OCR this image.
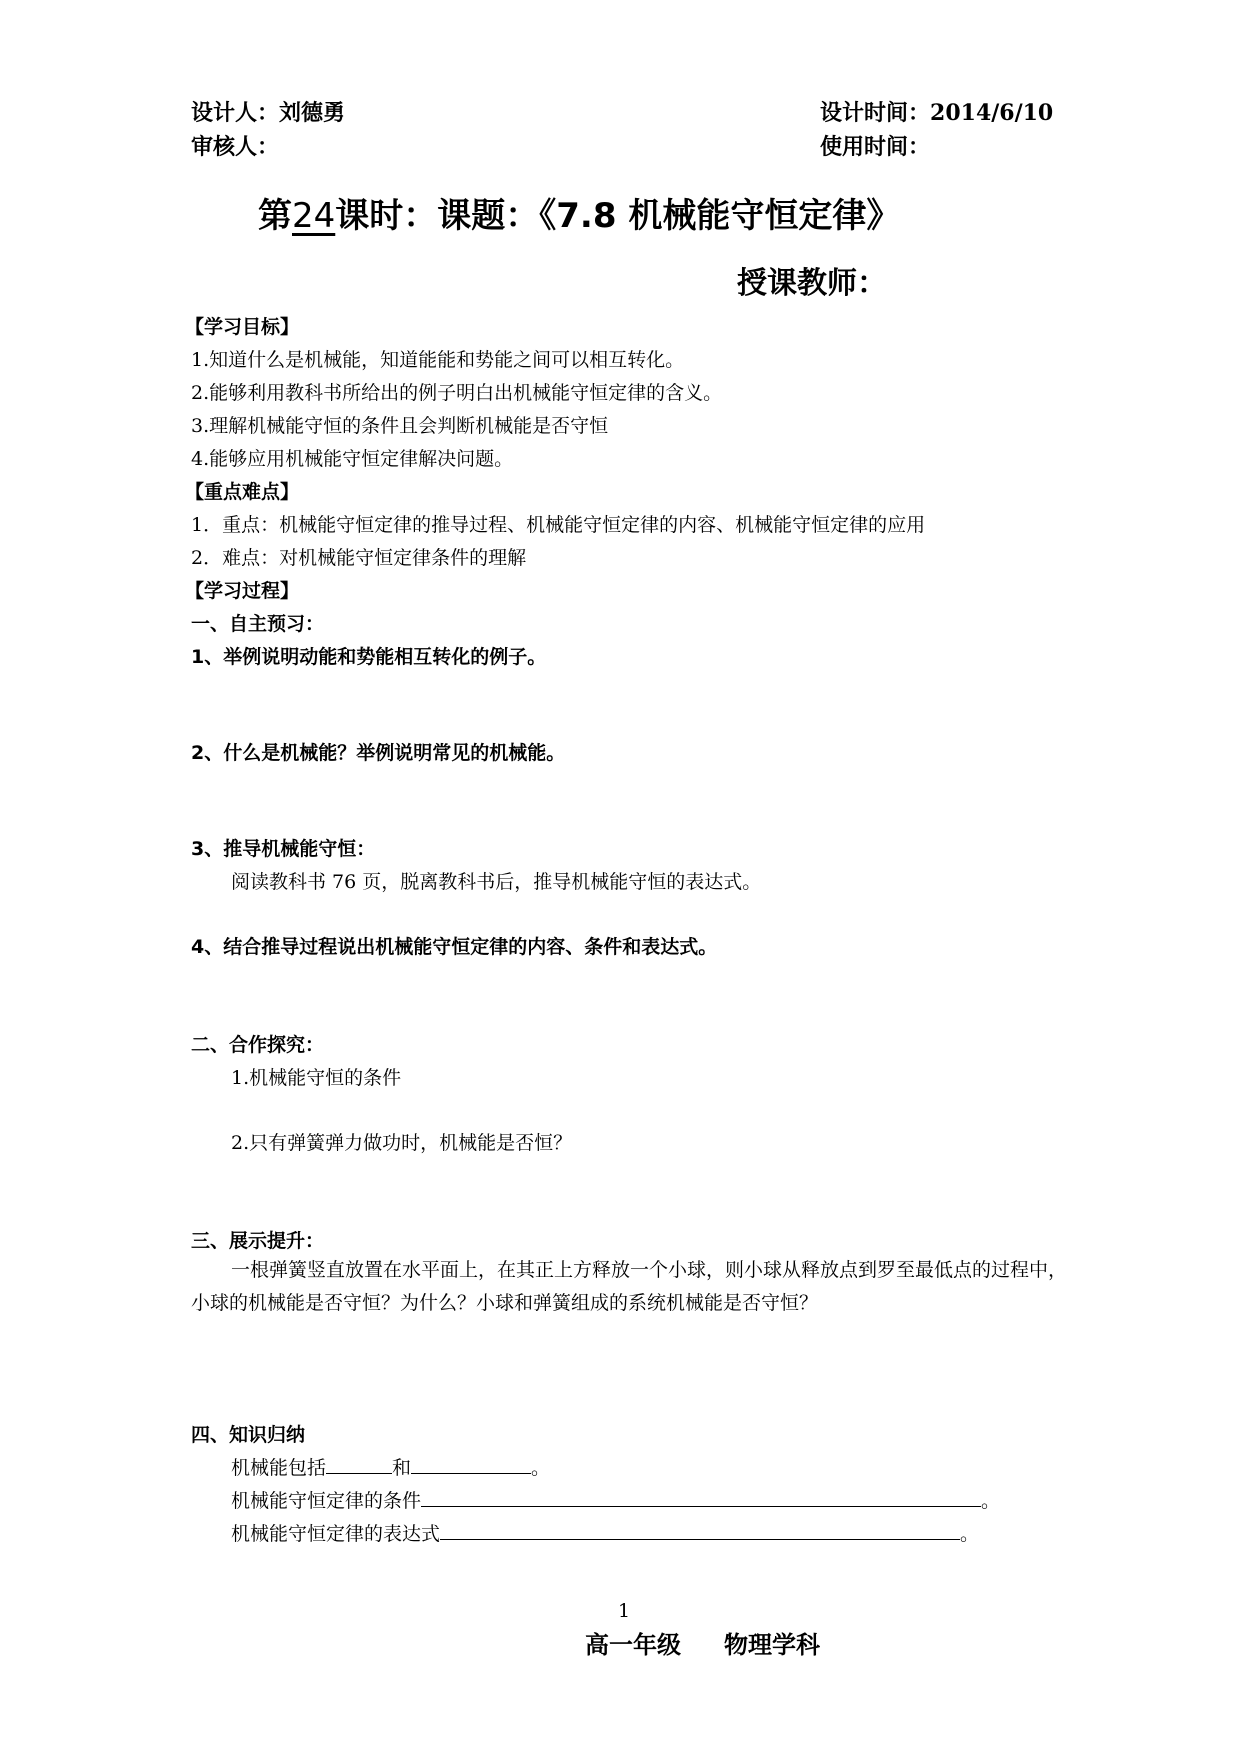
设计人：刘德勇	设计时间：2014/6/10
审核人：	使用时间：
第24课时：课题：《7.8 机械能守恒定律》
授课教师：
【学习目标】
1.知道什么是机械能，知道能能和势能之间可以相互转化。
2.能够利用教科书所给出的例子明白出机械能守恒定律的含义。
3.理解机械能守恒的条件且会判断机械能是否守恒
4.能够应用机械能守恒定律解决问题。
【重点难点】
1．重点：机械能守恒定律的推导过程、机械能守恒定律的内容、机械能守恒定律的应用
2．难点：对机械能守恒定律条件的理解
【学习过程】
一、自主预习：
1、举例说明动能和势能相互转化的例子。
2、什么是机械能？举例说明常见的机械能。
3、推导机械能守恒：
阅读教科书 76 页，脱离教科书后，推导机械能守恒的表达式。
4、结合推导过程说出机械能守恒定律的内容、条件和表达式。
二、合作探究：
1.机械能守恒的条件
2.只有弹簧弹力做功时，机械能是否恒？
三、展示提升：
一根弹簧竖直放置在水平面上，在其正上方释放一个小球，则小球从释放点到罗至最低点的过程中，小球的机械能是否守恒？为什么？小球和弹簧组成的系统机械能是否守恒？
四、知识归纳
机械能包括	和	。
机械能守恒定律的条件	。
机械能守恒定律的表达式	。
1
高一年级 物理学科
